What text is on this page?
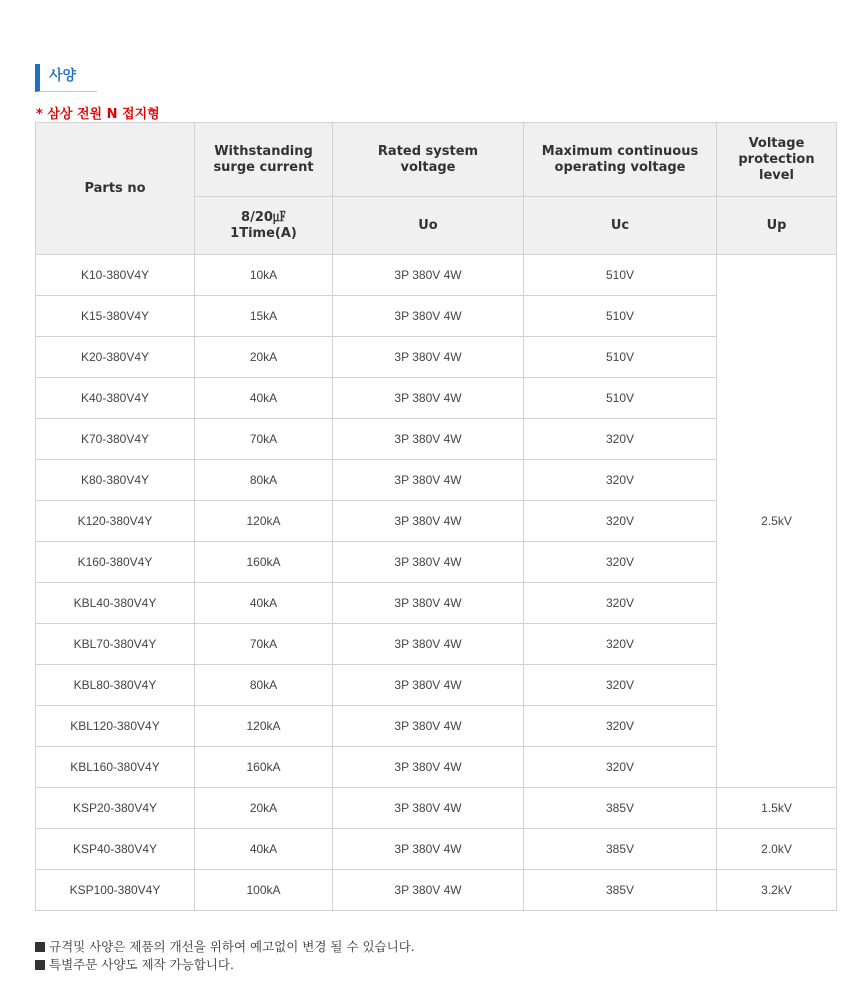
사양
* 삼상 전원 N 접지형
Parts no	Withstanding surge current	Rated system voltage	Maximum continuous operating voltage	Voltage protection level
	8/20㎌ 1Time(A)	Uo	Uc	Up
K10-380V4Y	10kA	3P 380V 4W	510V	2.5kV
K15-380V4Y	15kA	3P 380V 4W	510V	
K20-380V4Y	20kA	3P 380V 4W	510V	
K40-380V4Y	40kA	3P 380V 4W	510V	
K70-380V4Y	70kA	3P 380V 4W	320V	
K80-380V4Y	80kA	3P 380V 4W	320V	
K120-380V4Y	120kA	3P 380V 4W	320V	
K160-380V4Y	160kA	3P 380V 4W	320V	
KBL40-380V4Y	40kA	3P 380V 4W	320V	
KBL70-380V4Y	70kA	3P 380V 4W	320V	
KBL80-380V4Y	80kA	3P 380V 4W	320V	
KBL120-380V4Y	120kA	3P 380V 4W	320V	
KBL160-380V4Y	160kA	3P 380V 4W	320V	
KSP20-380V4Y	20kA	3P 380V 4W	385V	1.5kV
KSP40-380V4Y	40kA	3P 380V 4W	385V	2.0kV
KSP100-380V4Y	100kA	3P 380V 4W	385V	3.2kV
규격및 사양은 제품의 개선을 위하여 예고없이 변경 될 수 있습니다.
특별주문 사양도 제작 가능합니다.
